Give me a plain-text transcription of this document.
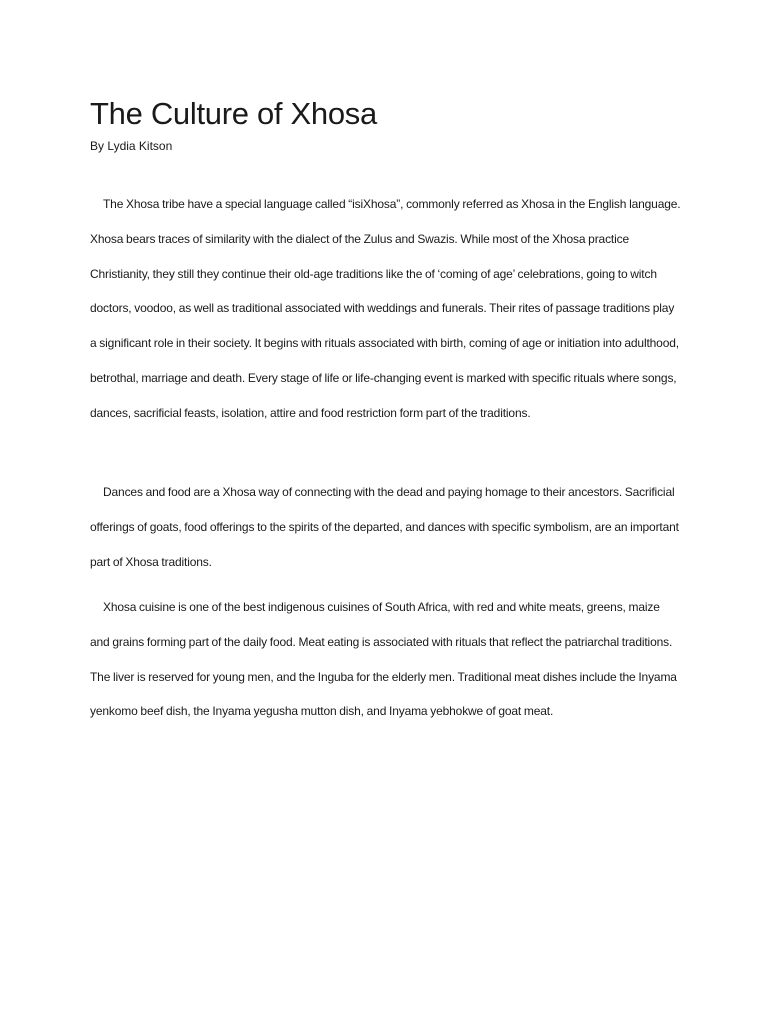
The Culture of Xhosa

By Lydia Kitson

The Xhosa tribe have a special language called “isiXhosa”, commonly referred as Xhosa in the English language. Xhosa bears traces of similarity with the dialect of the Zulus and Swazis. While most of the Xhosa practice Christianity, they still they continue their old-age traditions like the of ‘coming of age’ celebrations, going to witch doctors, voodoo, as well as traditional associated with weddings and funerals. Their rites of passage traditions play a significant role in their society. It begins with rituals associated with birth, coming of age or initiation into adulthood, betrothal, marriage and death. Every stage of life or life-changing event is marked with specific rituals where songs, dances, sacrificial feasts, isolation, attire and food restriction form part of the traditions.

Dances and food are a Xhosa way of connecting with the dead and paying homage to their ancestors. Sacrificial offerings of goats, food offerings to the spirits of the departed, and dances with specific symbolism, are an important part of Xhosa traditions.

Xhosa cuisine is one of the best indigenous cuisines of South Africa, with red and white meats, greens, maize and grains forming part of the daily food. Meat eating is associated with rituals that reflect the patriarchal traditions. The liver is reserved for young men, and the Inguba for the elderly men. Traditional meat dishes include the Inyama yenkomo beef dish, the Inyama yegusha mutton dish, and Inyama yebhokwe of goat meat.
